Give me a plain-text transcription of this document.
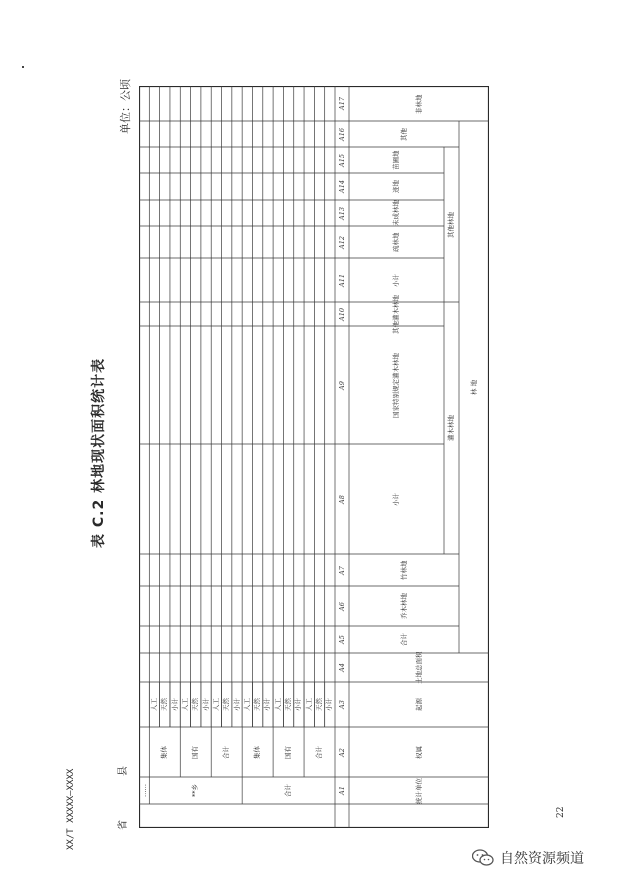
XX/T XXXXX—XXXX
表 C.2 林地现状面积统计表
单位：公顷
省
县
22
统计单位
权属
起源
土地总面积
林 地
合计
乔木林地
竹林地
灌木林地
小计
国家特别规定灌木林地
其他灌木林地
其他林地
小计
疏林地
未成林地
迹地
苗圃地
其他
非林地
A1
A2
A3
A4
A5
A6
A7
A8
A9
A10
A11
A12
A13
A14
A15
A16
A17
小计
天然
人工
小计
天然
人工
小计
天然
人工
小计
天然
人工
小计
天然
人工
小计
天然
人工
合计
国有
集体
合计
国有
集体
合计
**乡
……
自然资源频道
